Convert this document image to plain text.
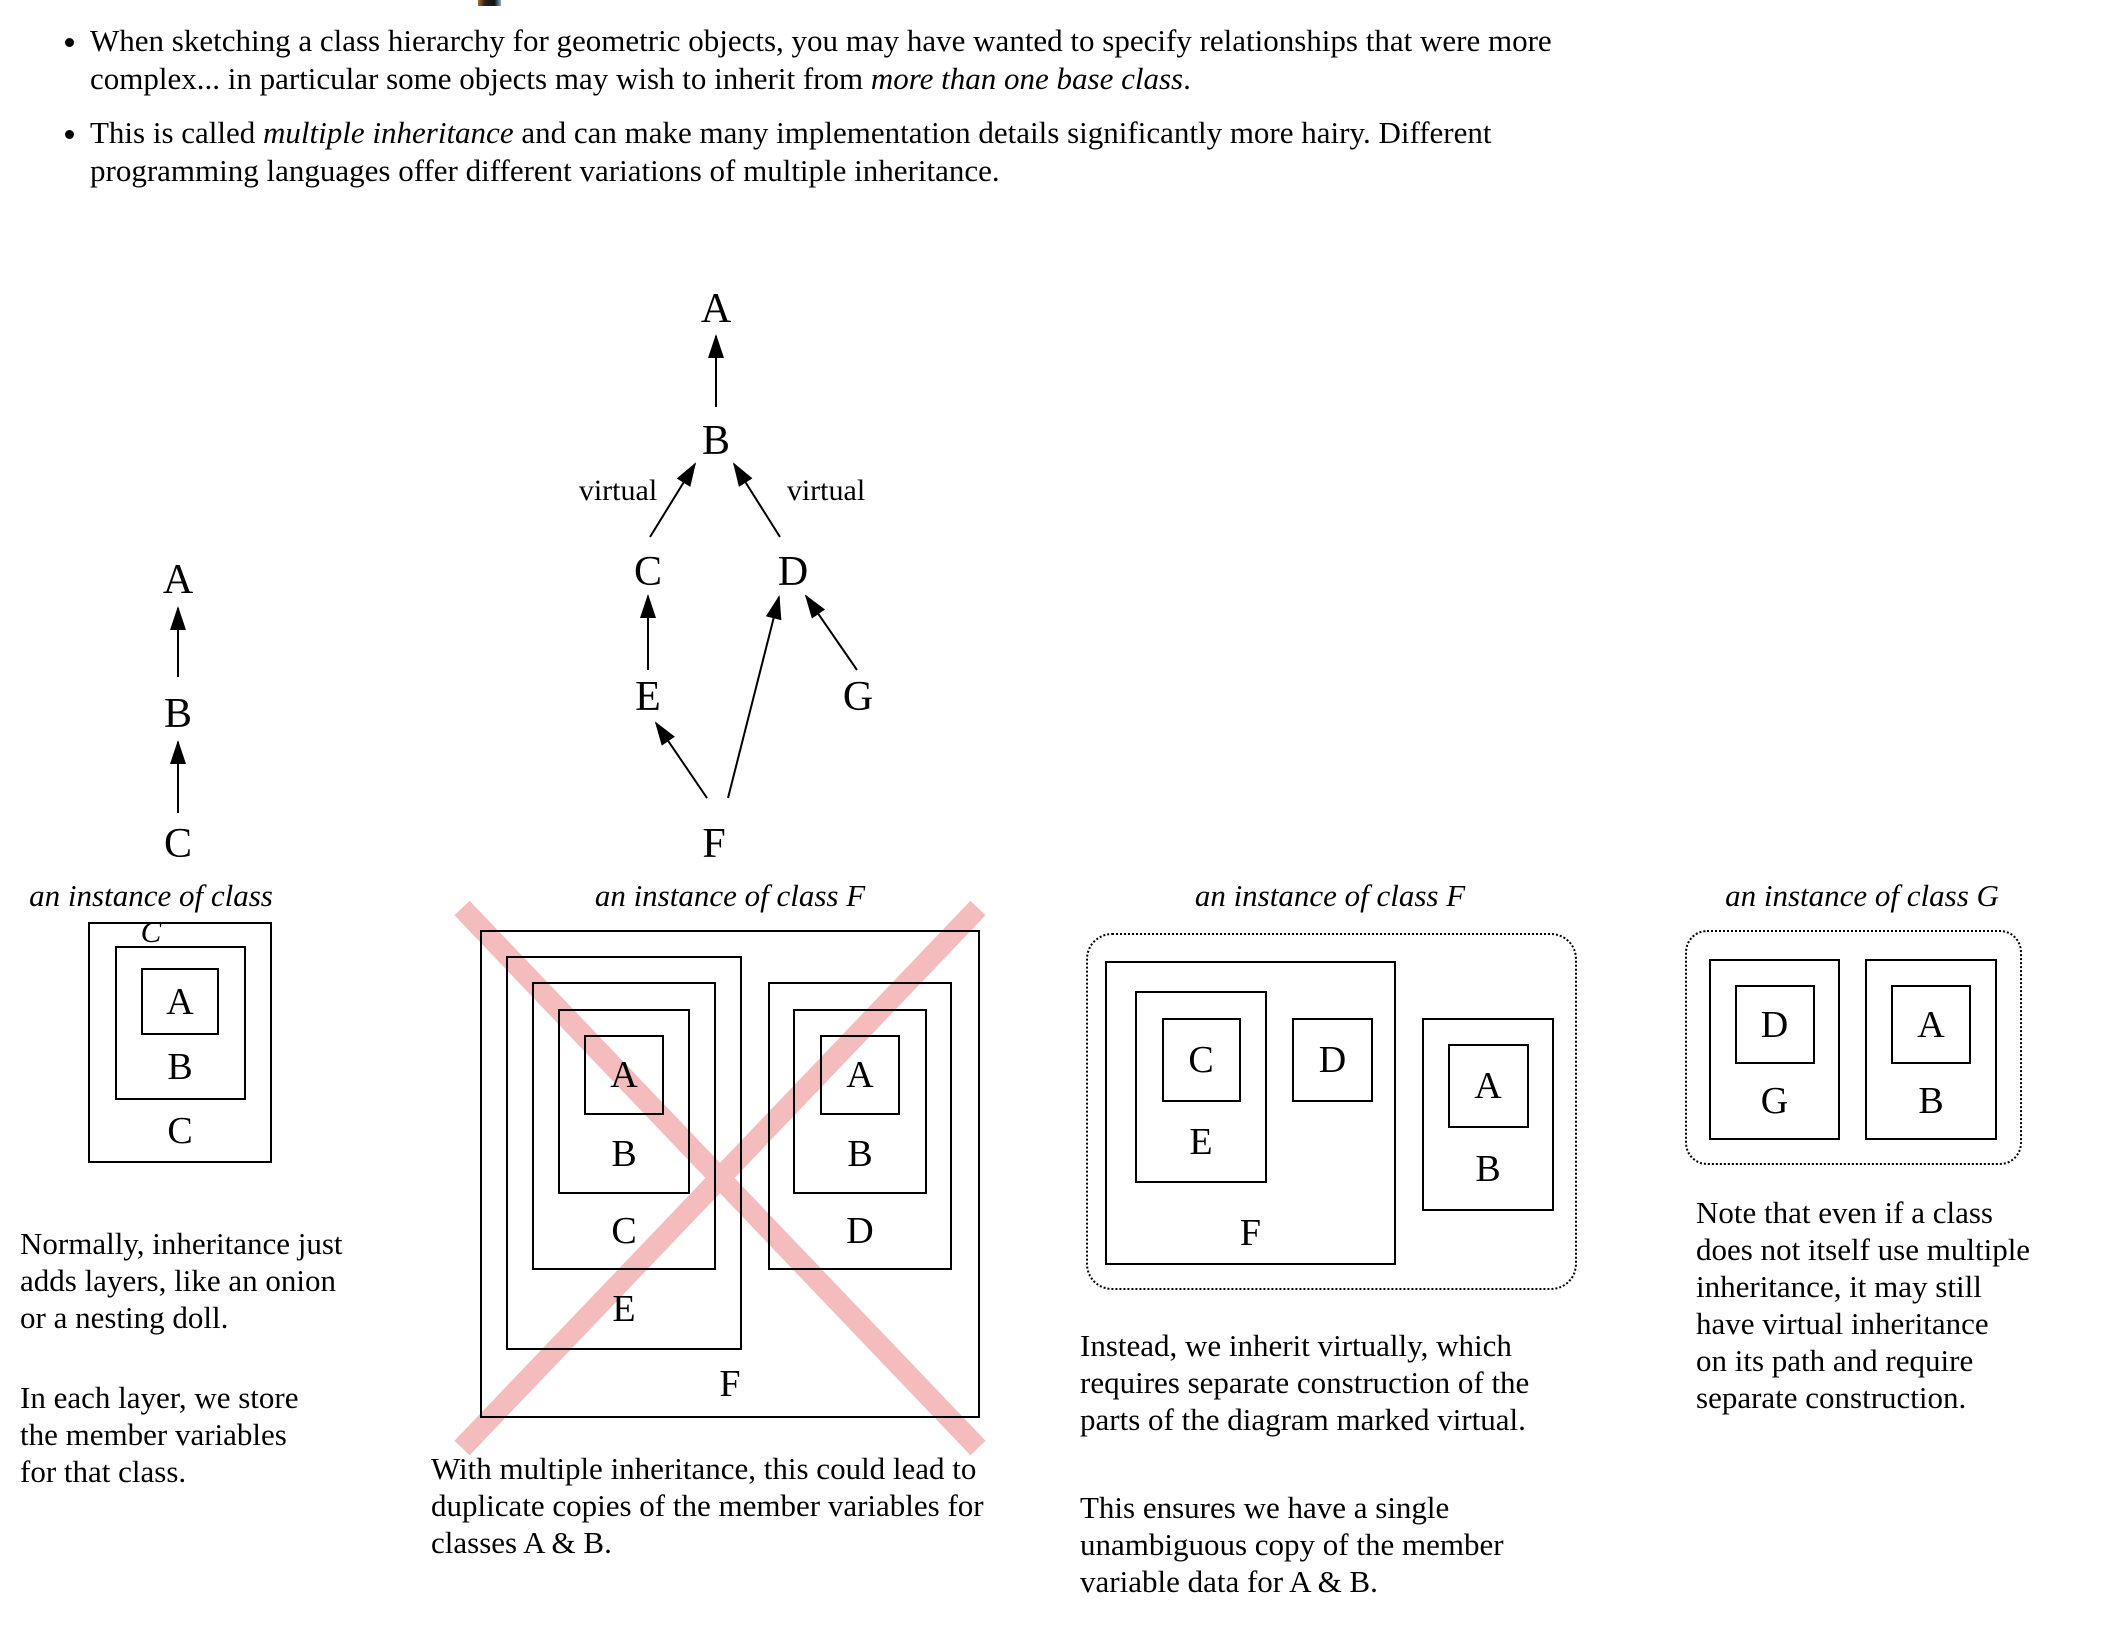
• When sketching a class hierarchy for geometric objects, you may have wanted to specify relationships that were more complex... in particular some objects may wish to inherit from more than one base class.
• This is called multiple inheritance and can make many implementation details significantly more hairy. Different programming languages offer different variations of multiple inheritance.
A
B
C
A
B
virtual	virtual
C	D
E	G
F
an instance of class C
A
B
C

Normally, inheritance just
adds layers, like an onion
or a nesting doll.

In each layer, we store
the member variables
for that class.

an instance of class F
A
B
C
E
A
B
D
F
With multiple inheritance, this could lead to
duplicate copies of the member variables for
classes A & B.
an instance of class F
C
E
D
F
A
B

Instead, we inherit virtually, which
requires separate construction of the
parts of the diagram marked virtual.

This ensures we have a single
unambiguous copy of the member
variable data for A & B.

an instance of class G
D
G
A
B
Note that even if a class
does not itself use multiple
inheritance, it may still
have virtual inheritance
on its path and require
separate construction.
